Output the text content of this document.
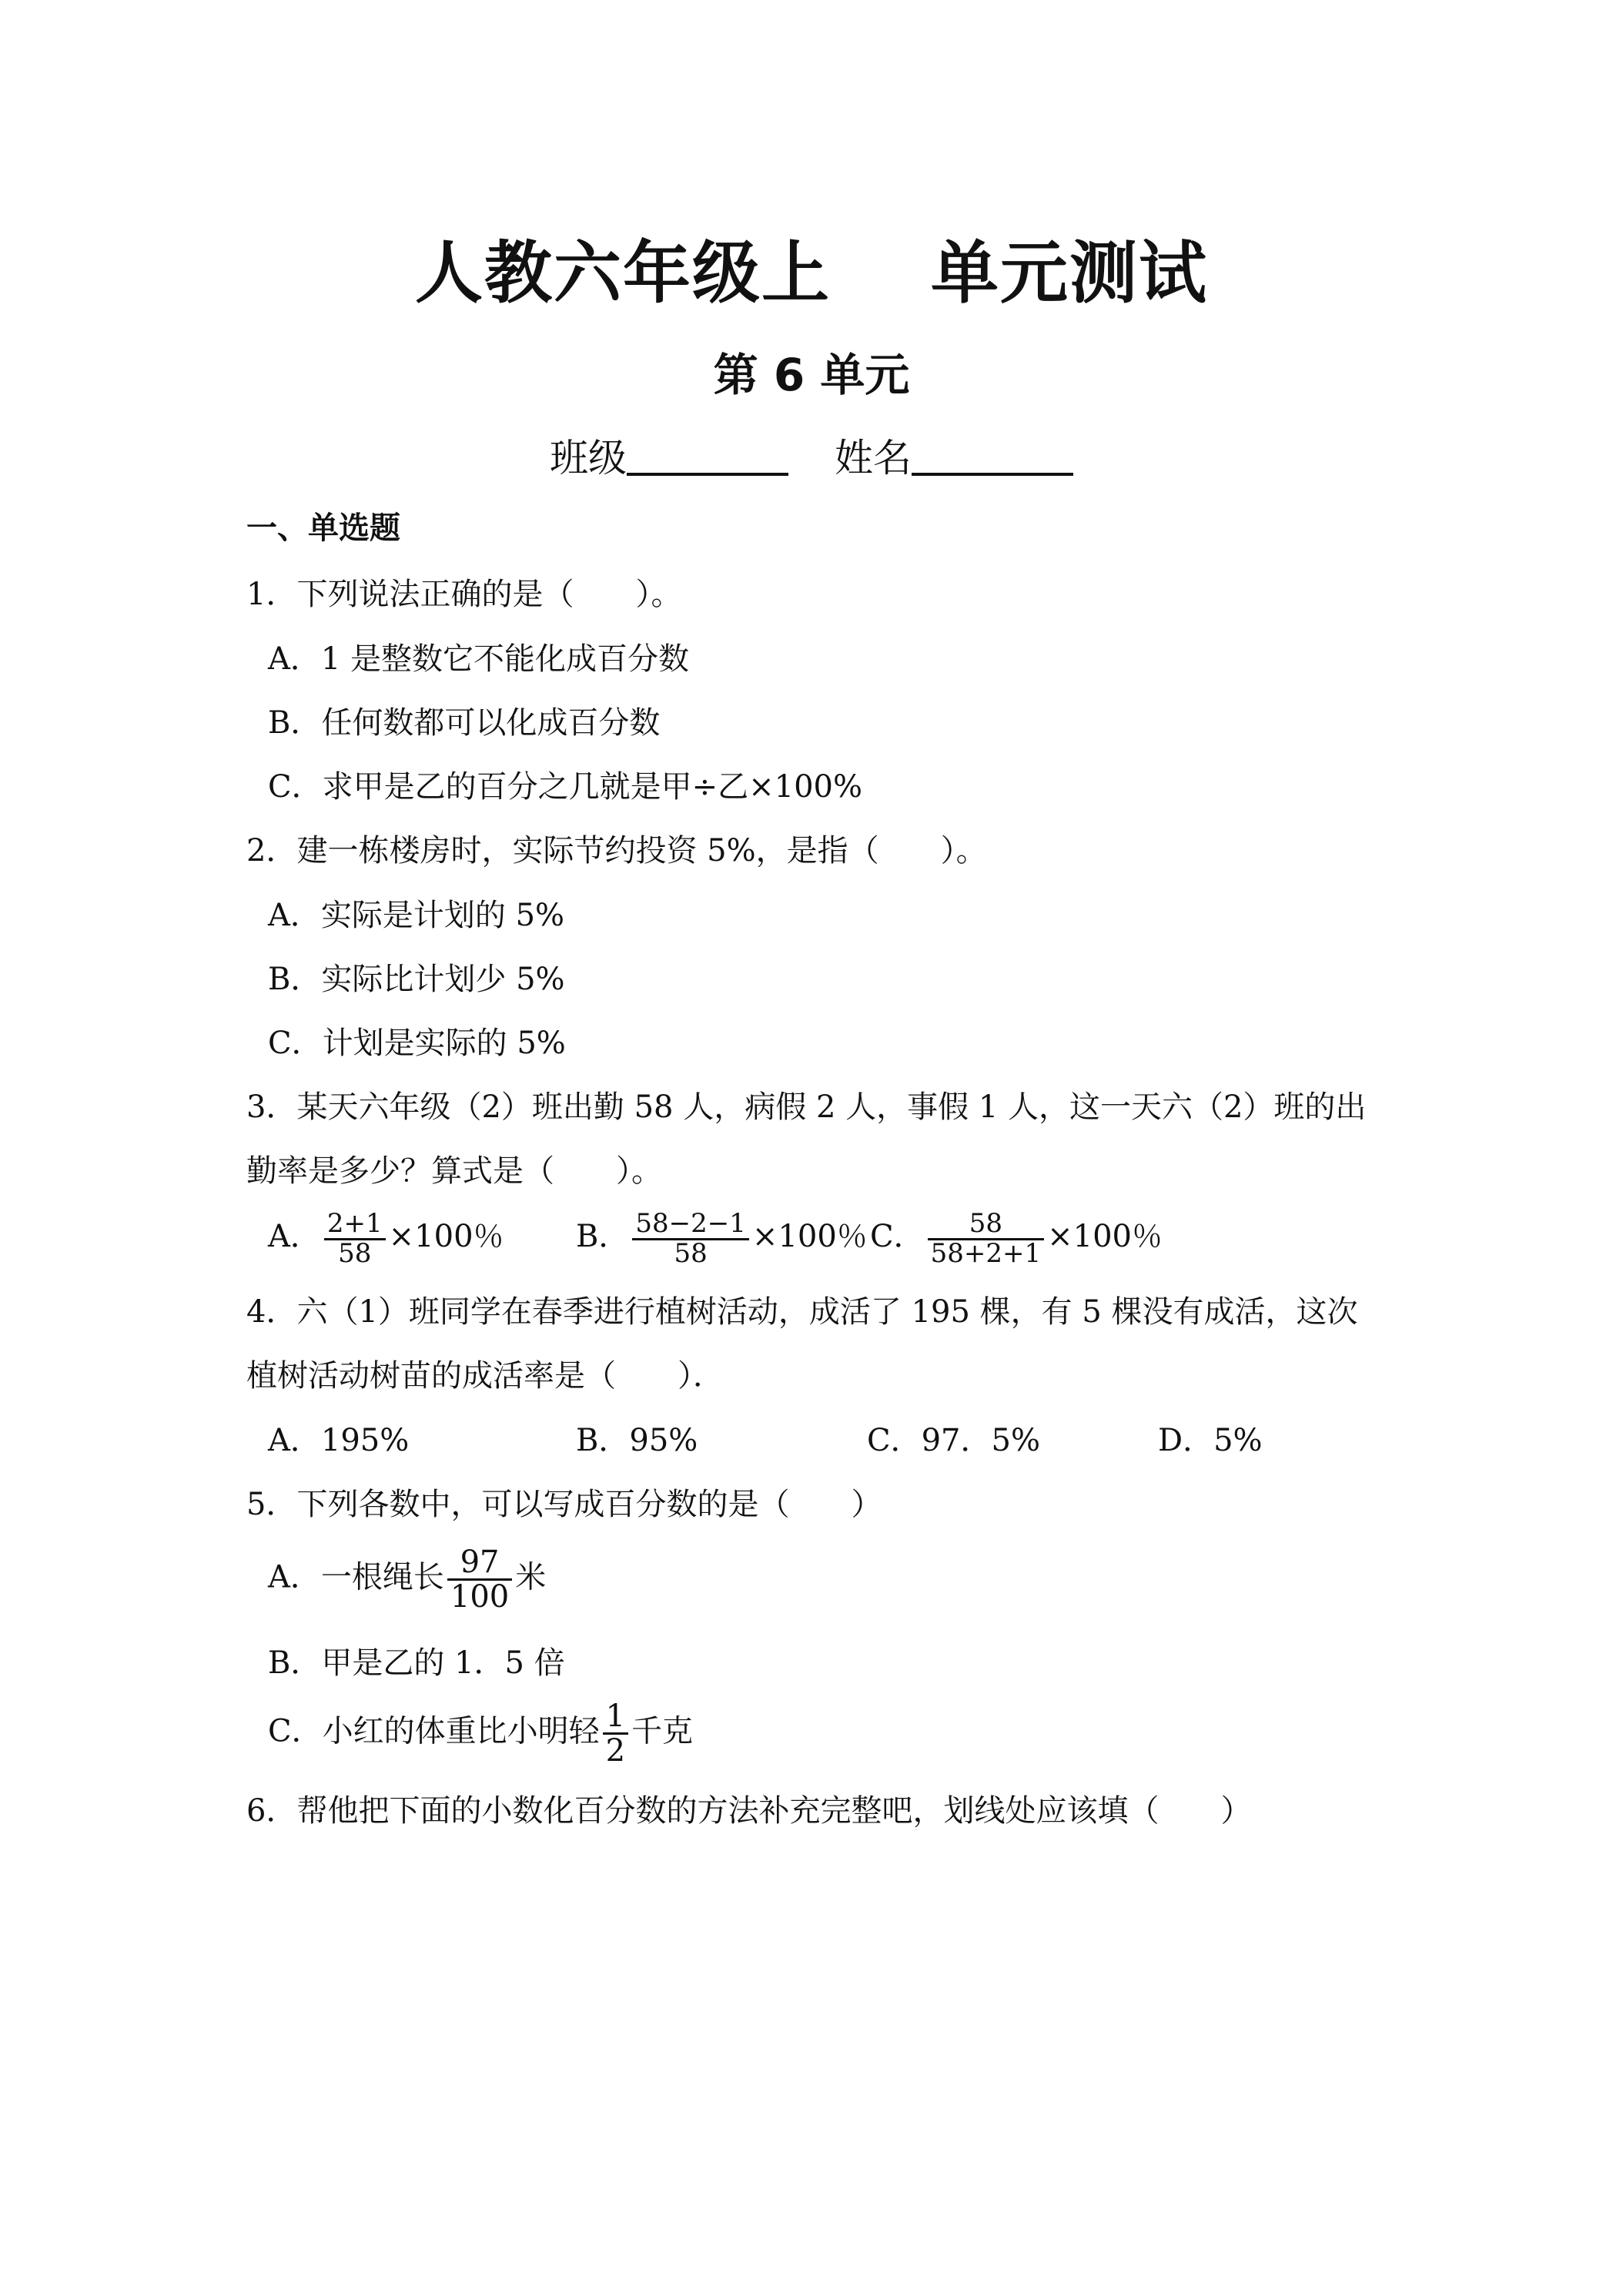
人教六年级上 单元测试
第 6 单元
班级	姓名
一、单选题
1．下列说法正确的是（　　）。
A．1 是整数它不能化成百分数
B．任何数都可以化成百分数
C．求甲是乙的百分之几就是甲÷乙×100%
2．建一栋楼房时，实际节约投资 5%，是指（　　）。
A．实际是计划的 5%
B．实际比计划少 5%
C．计划是实际的 5%
3．某天六年级（2）班出勤 58 人，病假 2 人，事假 1 人，这一天六（2）班的出
勤率是多少？算式是（　　）。
A． $\frac{2+1}{58} \times 100$％ B． $\frac{58-2-1}{58} \times 100$％C． $\frac{58}{58+2+1} \times 100$％
4．六（1）班同学在春季进行植树活动，成活了 195 棵，有 5 棵没有成活，这次
植树活动树苗的成活率是（　　）．
A．195%	B．95%	C．97．5%	D．5%
5．下列各数中，可以写成百分数的是（　　）
A．一根绳长 $\frac{97}{100}$ 米
B．甲是乙的 1．5 倍
C．小红的体重比小明轻 $\frac{1}{2}$ 千克
6．帮他把下面的小数化百分数的方法补充完整吧，划线处应该填（　　）
